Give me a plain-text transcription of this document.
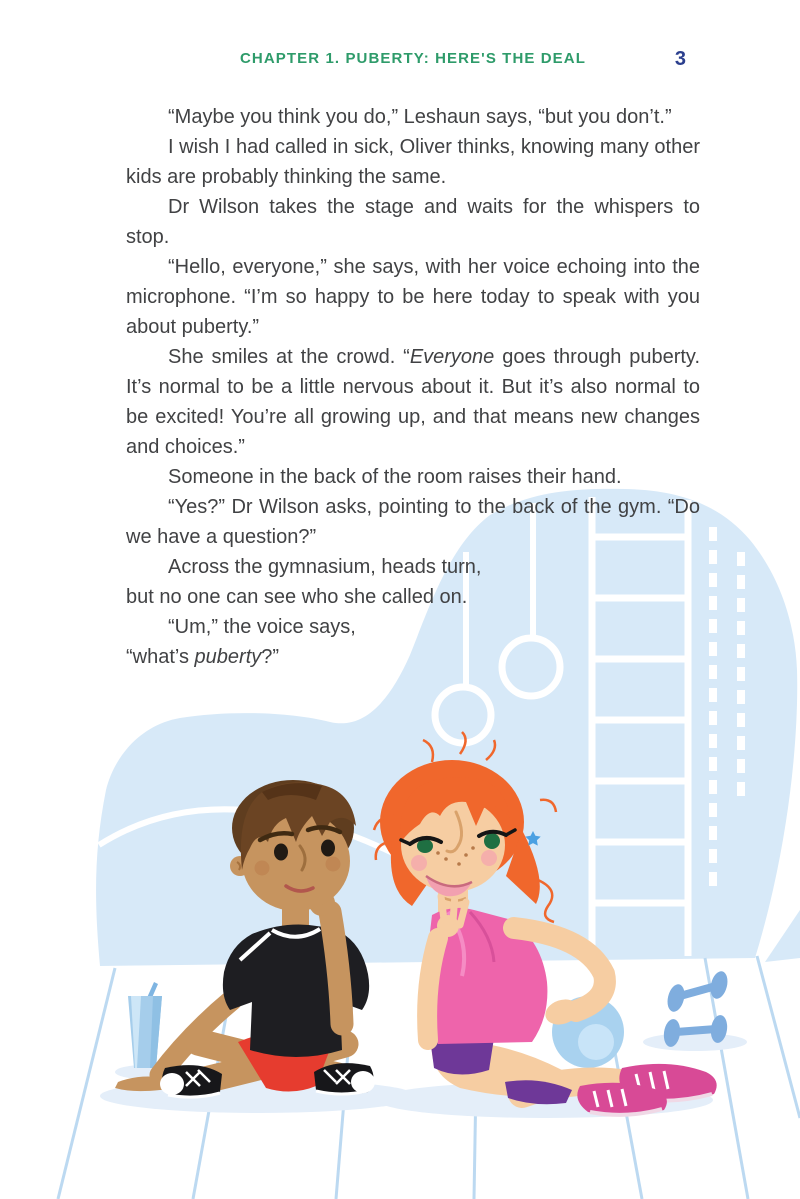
CHAPTER 1. PUBERTY: HERE'S THE DEAL	3

“Maybe you think you do,” Leshaun says, “but you don’t.”

I wish I had called in sick, Oliver thinks, knowing many other kids are probably thinking the same.

Dr Wilson takes the stage and waits for the whispers to stop.

“Hello, everyone,” she says, with her voice echoing into the microphone. “I’m so happy to be here today to speak with you about puberty.”

She smiles at the crowd. “Everyone goes through puberty. It’s normal to be a little nervous about it. But it’s also normal to be excited! You’re all growing up, and that means new changes and choices.”

Someone in the back of the room raises their hand.

“Yes?” Dr Wilson asks, pointing to the back of the gym. “Do we have a question?”

Across the gymnasium, heads turn, but no one can see who she called on.

“Um,” the voice says, “what’s puberty?”
